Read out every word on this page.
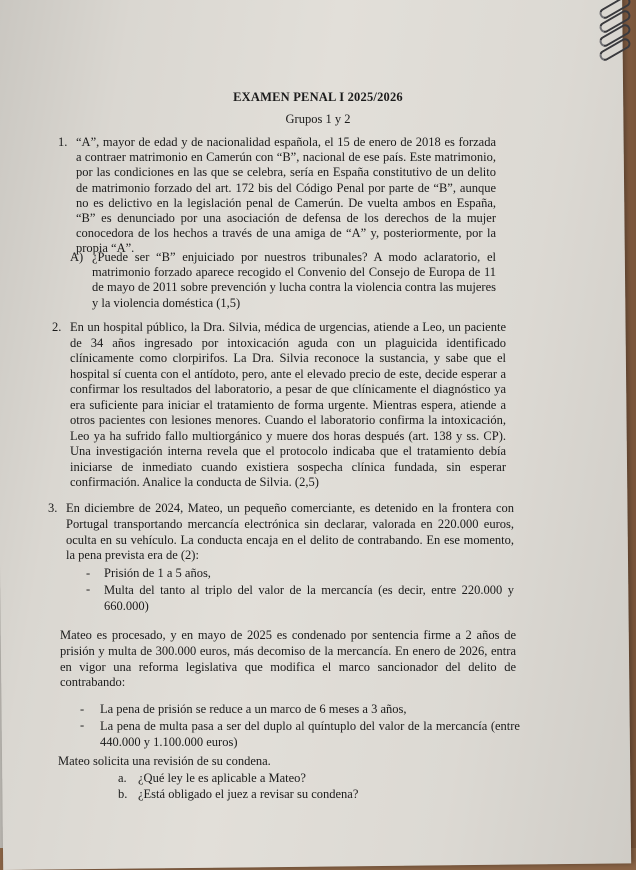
EXAMEN PENAL I 2025/2026
Grupos 1 y 2
1. “A”, mayor de edad y de nacionalidad española, el 15 de enero de 2018 es forzada a contraer matrimonio en Camerún con “B”, nacional de ese país. Este matrimonio, por las condiciones en las que se celebra, sería en España constitutivo de un delito de matrimonio forzado del art. 172 bis del Código Penal por parte de “B”, aunque no es delictivo en la legislación penal de Camerún. De vuelta ambos en España, “B” es denunciado por una asociación de defensa de los derechos de la mujer conocedora de los hechos a través de una amiga de “A” y, posteriormente, por la propia “A”.
A) ¿Puede ser “B” enjuiciado por nuestros tribunales? A modo aclaratorio, el matrimonio forzado aparece recogido el Convenio del Consejo de Europa de 11 de mayo de 2011 sobre prevención y lucha contra la violencia contra las mujeres y la violencia doméstica (1,5)
2. En un hospital público, la Dra. Silvia, médica de urgencias, atiende a Leo, un paciente de 34 años ingresado por intoxicación aguda con un plaguicida identificado clínicamente como clorpirifos. La Dra. Silvia reconoce la sustancia, y sabe que el hospital sí cuenta con el antídoto, pero, ante el elevado precio de este, decide esperar a confirmar los resultados del laboratorio, a pesar de que clínicamente el diagnóstico ya era suficiente para iniciar el tratamiento de forma urgente. Mientras espera, atiende a otros pacientes con lesiones menores. Cuando el laboratorio confirma la intoxicación, Leo ya ha sufrido fallo multiorgánico y muere dos horas después (art. 138 y ss. CP). Una investigación interna revela que el protocolo indicaba que el tratamiento debía iniciarse de inmediato cuando existiera sospecha clínica fundada, sin esperar confirmación. Analice la conducta de Silvia. (2,5)
3. En diciembre de 2024, Mateo, un pequeño comerciante, es detenido en la frontera con Portugal transportando mercancía electrónica sin declarar, valorada en 220.000 euros, oculta en su vehículo. La conducta encaja en el delito de contrabando. En ese momento, la pena prevista era de (2):
- Prisión de 1 a 5 años,
- Multa del tanto al triplo del valor de la mercancía (es decir, entre 220.000 y 660.000)
Mateo es procesado, y en mayo de 2025 es condenado por sentencia firme a 2 años de prisión y multa de 300.000 euros, más decomiso de la mercancía. En enero de 2026, entra en vigor una reforma legislativa que modifica el marco sancionador del delito de contrabando:
- La pena de prisión se reduce a un marco de 6 meses a 3 años,
- La pena de multa pasa a ser del duplo al quíntuplo del valor de la mercancía (entre 440.000 y 1.100.000 euros)
Mateo solicita una revisión de su condena.
a. ¿Qué ley le es aplicable a Mateo?
b. ¿Está obligado el juez a revisar su condena?
